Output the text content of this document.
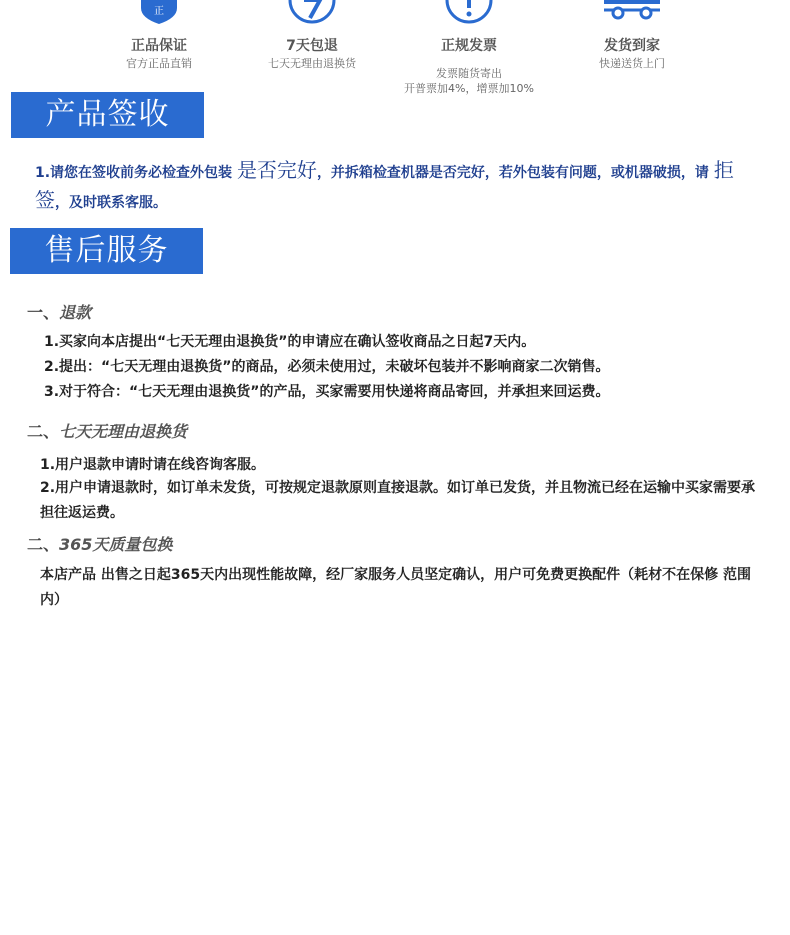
正
正品保证
官方正品直销
7天包退
七天无理由退换货
正规发票
发票随货寄出
开普票加4%，增票加10%
发货到家
快递送货上门
产品签收
1.请您在签收前务必检查外包装 是否完好，并拆箱检查机器是否完好，若外包装有问题，或机器破损，请 拒签，及时联系客服。
售后服务
一、退款
1.买家向本店提出“七天无理由退换货”的申请应在确认签收商品之日起7天内。
2.提出：“七天无理由退换货”的商品，必须未使用过，未破坏包装并不影响商家二次销售。
3.对于符合：“七天无理由退换货”的产品，买家需要用快递将商品寄回，并承担来回运费。
二、七天无理由退换货
1.用户退款申请时请在线咨询客服。
2.用户申请退款时，如订单未发货，可按规定退款原则直接退款。如订单已发货，并且物流已经在运输中买家需要承担往返运费。
二、365天质量包换
本店产品 出售之日起365天内出现性能故障，经厂家服务人员坚定确认，用户可免费更换配件（耗材不在保修 范围内）
